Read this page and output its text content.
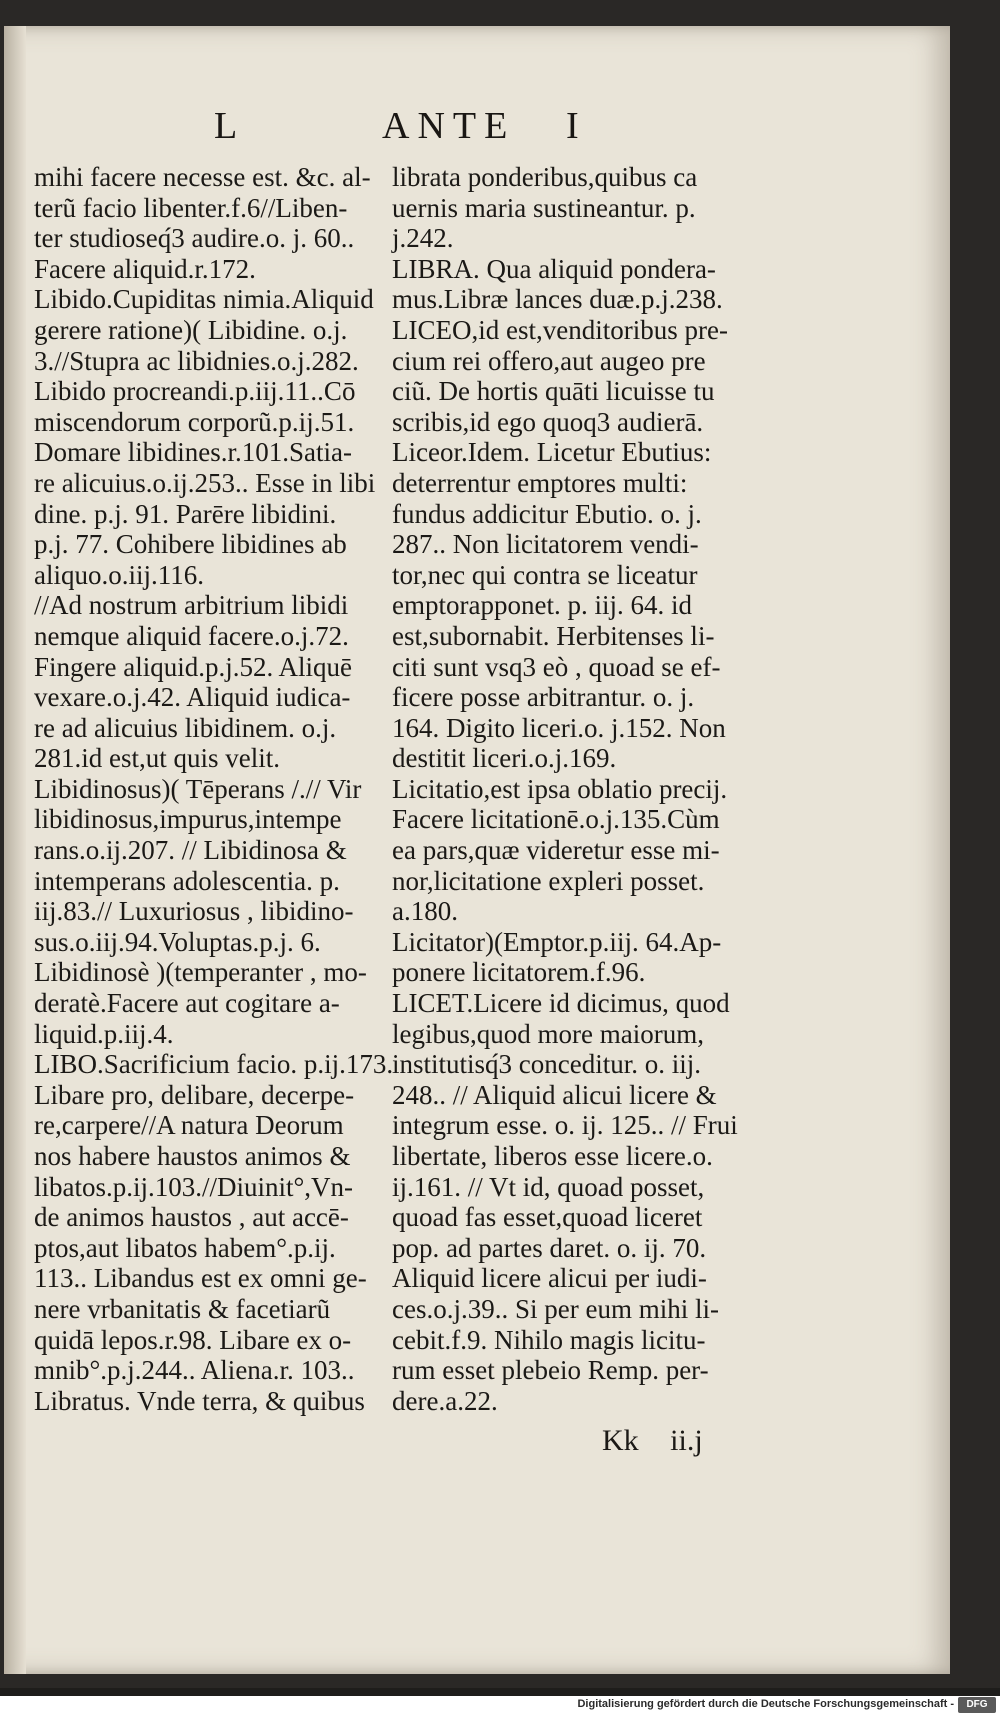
L	ANTE I
mihi facere necesse est. &c. al-
terũ facio libenter.f.6//Liben-
ter studioseq́3 audire.o. j. 60..
Facere aliquid.r.172.
Libido.Cupiditas nimia.Aliquid
gerere ratione)( Libidine. o.j.
3.//Stupra ac libidnies.o.j.282.
Libido procreandi.p.iij.11..Cō
miscendorum corporũ.p.ij.51.
Domare libidines.r.101.Satia-
re alicuius.o.ij.253.. Esse in libi
dine. p.j. 91. Parēre libidini.
p.j. 77. Cohibere libidines ab
aliquo.o.iij.116.
//Ad nostrum arbitrium libidi
nemque aliquid facere.o.j.72.
Fingere aliquid.p.j.52. Aliquē
vexare.o.j.42. Aliquid iudica-
re ad alicuius libidinem. o.j.
281.id est,ut quis velit.
Libidinosus)( Tēperans /.// Vir
libidinosus,impurus,intempe
rans.o.ij.207. // Libidinosa &
intemperans adolescentia. p.
iij.83.// Luxuriosus , libidino-
sus.o.iij.94.Voluptas.p.j. 6.
Libidinosè )(temperanter , mo-
deratè.Facere aut cogitare a-
liquid.p.iij.4.
LIBO.Sacrificium facio. p.ij.173.
Libare pro, delibare, decerpe-
re,carpere//A natura Deorum
nos habere haustos animos &
libatos.p.ij.103.//Diuinit°,Vn-
de animos haustos , aut accē-
ptos,aut libatos habem°.p.ij.
113.. Libandus est ex omni ge-
nere vrbanitatis & facetiarũ
quidā lepos.r.98. Libare ex o-
mnib°.p.j.244.. Aliena.r. 103..
Libratus. Vnde terra, & quibus
librata ponderibus,quibus ca
uernis maria sustineantur. p.
j.242.
LIBRA. Qua aliquid pondera-
mus.Libræ lances duæ.p.j.238.
LICEO,id est,venditoribus pre-
cium rei offero,aut augeo pre
ciũ. De hortis quāti licuisse tu
scribis,id ego quoq3 audierā.
Liceor.Idem. Licetur Ebutius:
deterrentur emptores multi:
fundus addicitur Ebutio. o. j.
287.. Non licitatorem vendi-
tor,nec qui contra se liceatur
emptorapponet. p. iij. 64. id
est,subornabit. Herbitenses li-
citi sunt vsq3 eò , quoad se ef-
ficere posse arbitrantur. o. j.
164. Digito liceri.o. j.152. Non
destitit liceri.o.j.169.
Licitatio,est ipsa oblatio precij.
Facere licitationē.o.j.135.Cùm
ea pars,quæ videretur esse mi-
nor,licitatione expleri posset.
a.180.
Licitator)(Emptor.p.iij. 64.Ap-
ponere licitatorem.f.96.
LICET.Licere id dicimus, quod
legibus,quod more maiorum,
institutisq́3 conceditur. o. iij.
248.. // Aliquid alicui licere &
integrum esse. o. ij. 125.. // Frui
libertate, liberos esse licere.o.
ij.161. // Vt id, quoad posset,
quoad fas esset,quoad liceret
pop. ad partes daret. o. ij. 70.
Aliquid licere alicui per iudi-
ces.o.j.39.. Si per eum mihi li-
cebit.f.9. Nihilo magis licitu-
rum esset plebeio Remp. per-
dere.a.22.
Kk ii.j
Digitalisierung gefördert durch die Deutsche Forschungsgemeinschaft -	DFG
